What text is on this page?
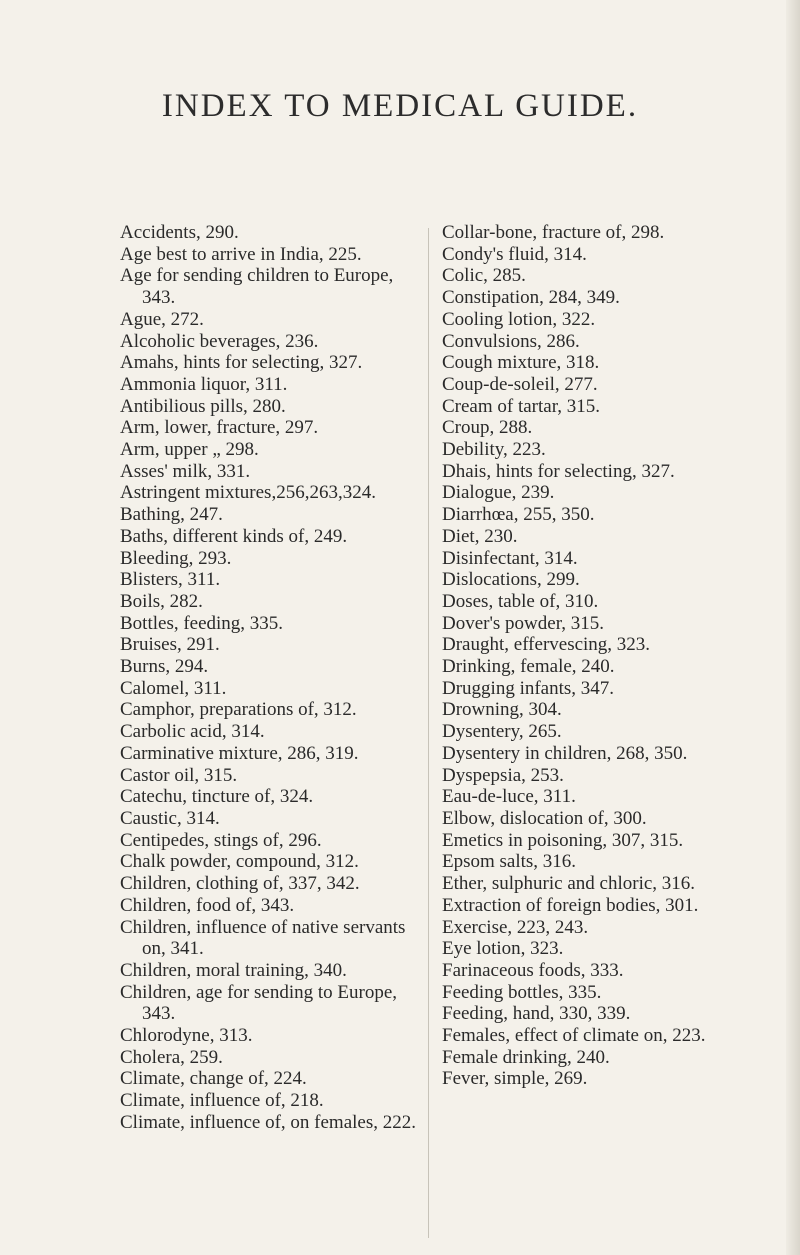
INDEX TO MEDICAL GUIDE.
Accidents, 290.
Age best to arrive in India, 225.
Age for sending children to Europe, 343.
Ague, 272.
Alcoholic beverages, 236.
Amahs, hints for selecting, 327.
Ammonia liquor, 311.
Antibilious pills, 280.
Arm, lower, fracture, 297.
Arm, upper „ 298.
Asses' milk, 331.
Astringent mixtures,256,263,324.
Bathing, 247.
Baths, different kinds of, 249.
Bleeding, 293.
Blisters, 311.
Boils, 282.
Bottles, feeding, 335.
Bruises, 291.
Burns, 294.
Calomel, 311.
Camphor, preparations of, 312.
Carbolic acid, 314.
Carminative mixture, 286, 319.
Castor oil, 315.
Catechu, tincture of, 324.
Caustic, 314.
Centipedes, stings of, 296.
Chalk powder, compound, 312.
Children, clothing of, 337, 342.
Children, food of, 343.
Children, influence of native servants on, 341.
Children, moral training, 340.
Children, age for sending to Europe, 343.
Chlorodyne, 313.
Cholera, 259.
Climate, change of, 224.
Climate, influence of, 218.
Climate, influence of, on females, 222.
Collar-bone, fracture of, 298.
Condy's fluid, 314.
Colic, 285.
Constipation, 284, 349.
Cooling lotion, 322.
Convulsions, 286.
Cough mixture, 318.
Coup-de-soleil, 277.
Cream of tartar, 315.
Croup, 288.
Debility, 223.
Dhais, hints for selecting, 327.
Dialogue, 239.
Diarrhœa, 255, 350.
Diet, 230.
Disinfectant, 314.
Dislocations, 299.
Doses, table of, 310.
Dover's powder, 315.
Draught, effervescing, 323.
Drinking, female, 240.
Drugging infants, 347.
Drowning, 304.
Dysentery, 265.
Dysentery in children, 268, 350.
Dyspepsia, 253.
Eau-de-luce, 311.
Elbow, dislocation of, 300.
Emetics in poisoning, 307, 315.
Epsom salts, 316.
Ether, sulphuric and chloric, 316.
Extraction of foreign bodies, 301.
Exercise, 223, 243.
Eye lotion, 323.
Farinaceous foods, 333.
Feeding bottles, 335.
Feeding, hand, 330, 339.
Females, effect of climate on, 223.
Female drinking, 240.
Fever, simple, 269.
